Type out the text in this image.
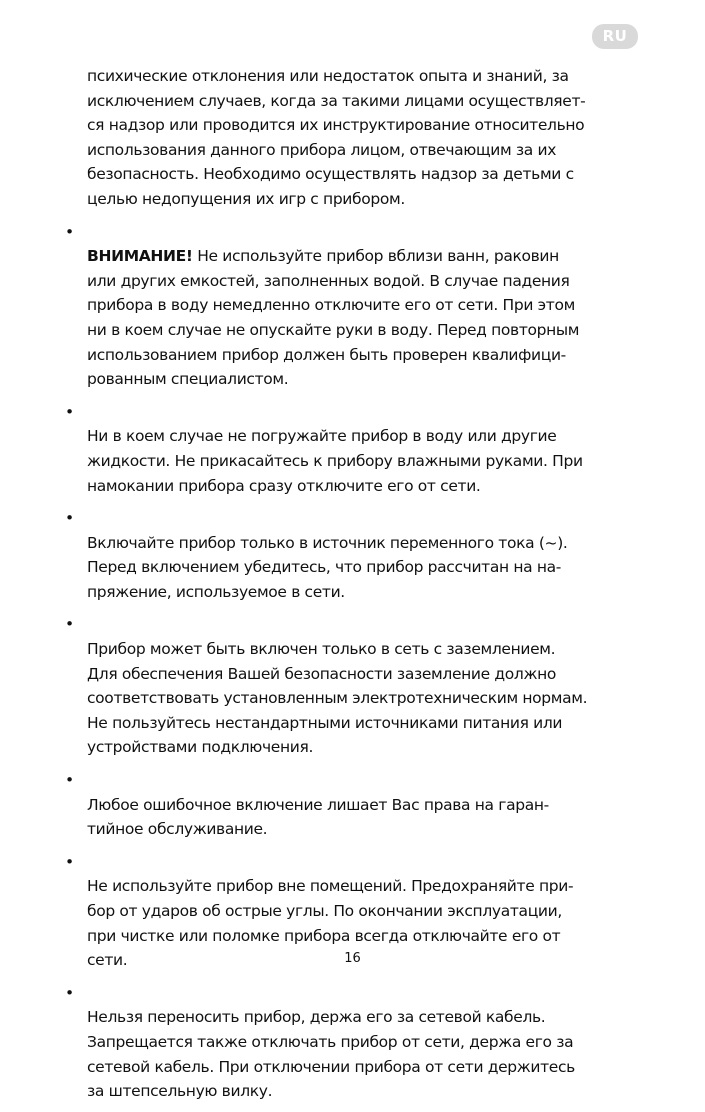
RU

психические отклонения или недостаток опыта и знаний, за
исключением случаев, когда за такими лицами осуществляет-
ся надзор или проводится их инструктирование относительно
использования данного прибора лицом, отвечающим за их
безопасность. Необходимо осуществлять надзор за детьми с
целью недопущения их игр с прибором.

•
ВНИМАНИЕ! Не используйте прибор вблизи ванн, раковин
или других емкостей, заполненных водой. В случае падения
прибора в воду немедленно отключите его от сети. При этом
ни в коем случае не опускайте руки в воду. Перед повторным
использованием прибор должен быть проверен квалифици-
рованным специалистом.

•
Ни в коем случае не погружайте прибор в воду или другие
жидкости. Не прикасайтесь к прибору влажными руками. При
намокании прибора сразу отключите его от сети.

•
Включайте прибор только в источник переменного тока (~).
Перед включением убедитесь, что прибор рассчитан на на-
пряжение, используемое в сети.

•
Прибор может быть включен только в сеть с заземлением.
Для обеспечения Вашей безопасности заземление должно
соответствовать установленным электротехническим нормам.
Не пользуйтесь нестандартными источниками питания или
устройствами подключения.

•
Любое ошибочное включение лишает Вас права на гаран-
тийное обслуживание.

•
Не используйте прибор вне помещений. Предохраняйте при-
бор от ударов об острые углы. По окончании эксплуатации,
при чистке или поломке прибора всегда отключайте его от
сети.

•
Нельзя переносить прибор, держа его за сетевой кабель.
Запрещается также отключать прибор от сети, держа его за
сетевой кабель. При отключении прибора от сети держитесь
за штепсельную вилку.

16
